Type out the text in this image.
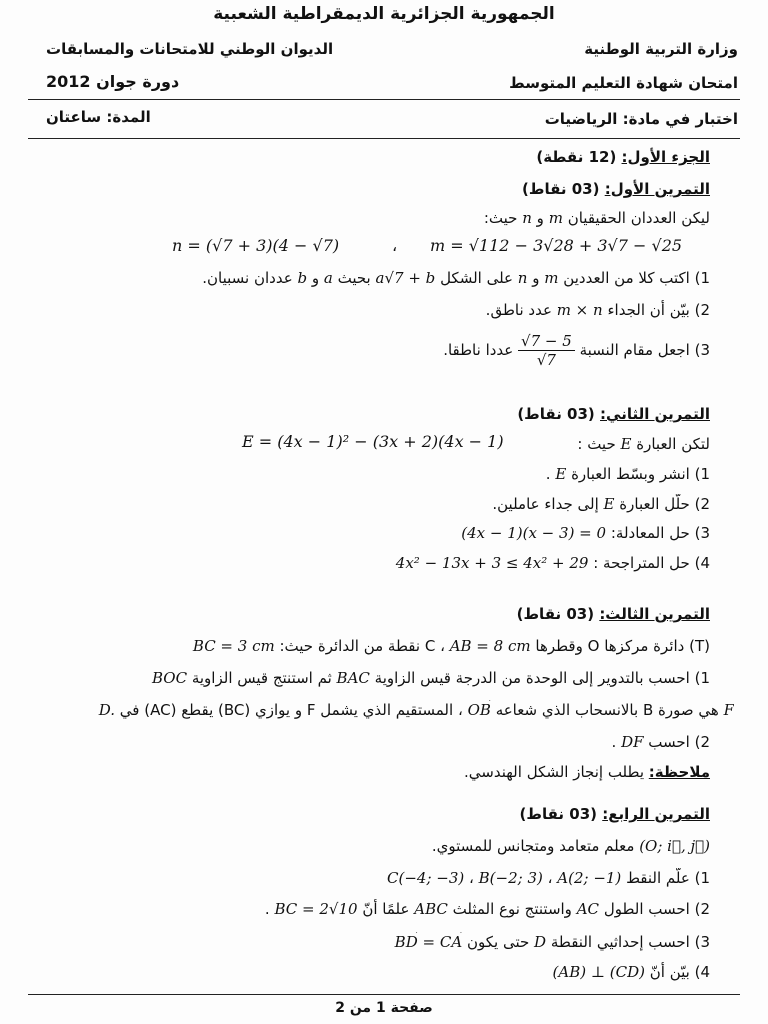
الجمهورية الجزائرية الديمقراطية الشعبية
وزارة التربية الوطنية
الديوان الوطني للامتحانات والمسابقات
امتحان شهادة التعليم المتوسط
دورة جوان 2012
اختبار في مادة: الرياضيات
المدة: ساعتان
الجزء الأول: (12 نقطة)
التمرين الأول: (03 نقاط)
ليكن العددان الحقيقيان m و n حيث:
m = √112 − 3√28 + 3√7 − √25
،
n = (√7 + 3)(4 − √7)
1) اكتب كلا من العددين m و n على الشكل a√7 + b بحيث a و b عددان نسبيان.
2) بيّن أن الجداء m × n عدد ناطق.
3) اجعل مقام النسبة
$\frac{√7 - 5}{√7}$
عددا ناطقا.
التمرين الثاني: (03 نقاط)
لتكن العبارة E حيث :
E = (4x − 1)² − (3x + 2)(4x − 1)
1) انشر وبسّط العبارة E .
2) حلّل العبارة E إلى جداء عاملين.
3) حل المعادلة: (4x − 1)(x − 3) = 0
4) حل المتراجحة : 4x² − 13x + 3 ≤ 4x² + 29
التمرين الثالث: (03 نقاط)
(T) دائرة مركزها O وقطرها AB = 8 cm ، C نقطة من الدائرة حيث: BC = 3 cm
1) احسب بالتدوير إلى الوحدة من الدرجة قيس الزاوية BAC ثم استنتج قيس الزاوية BOC
F هي صورة B بالانسحاب الذي شعاعه OB › ، المستقيم الذي يشمل F و يوازي (BC) يقطع (AC) في D.
2) احسب DF .
ملاحظة: يطلب إنجاز الشكل الهندسي.
التمرين الرابع: (03 نقاط)
(O; i⃗, j⃗) معلم متعامد ومتجانس للمستوي.
1) علّم النقط A(2; −1) ، B(−2; 3) ، C(−4; −3)
2) احسب الطول AC واستنتج نوع المثلث ABC علمًا أنّ BC = 2√10 .
3) احسب إحداثيي النقطة D حتى يكون CA › = BD ›
4) بيّن أنّ (AB) ⊥ (CD)
صفحة 1 من 2
